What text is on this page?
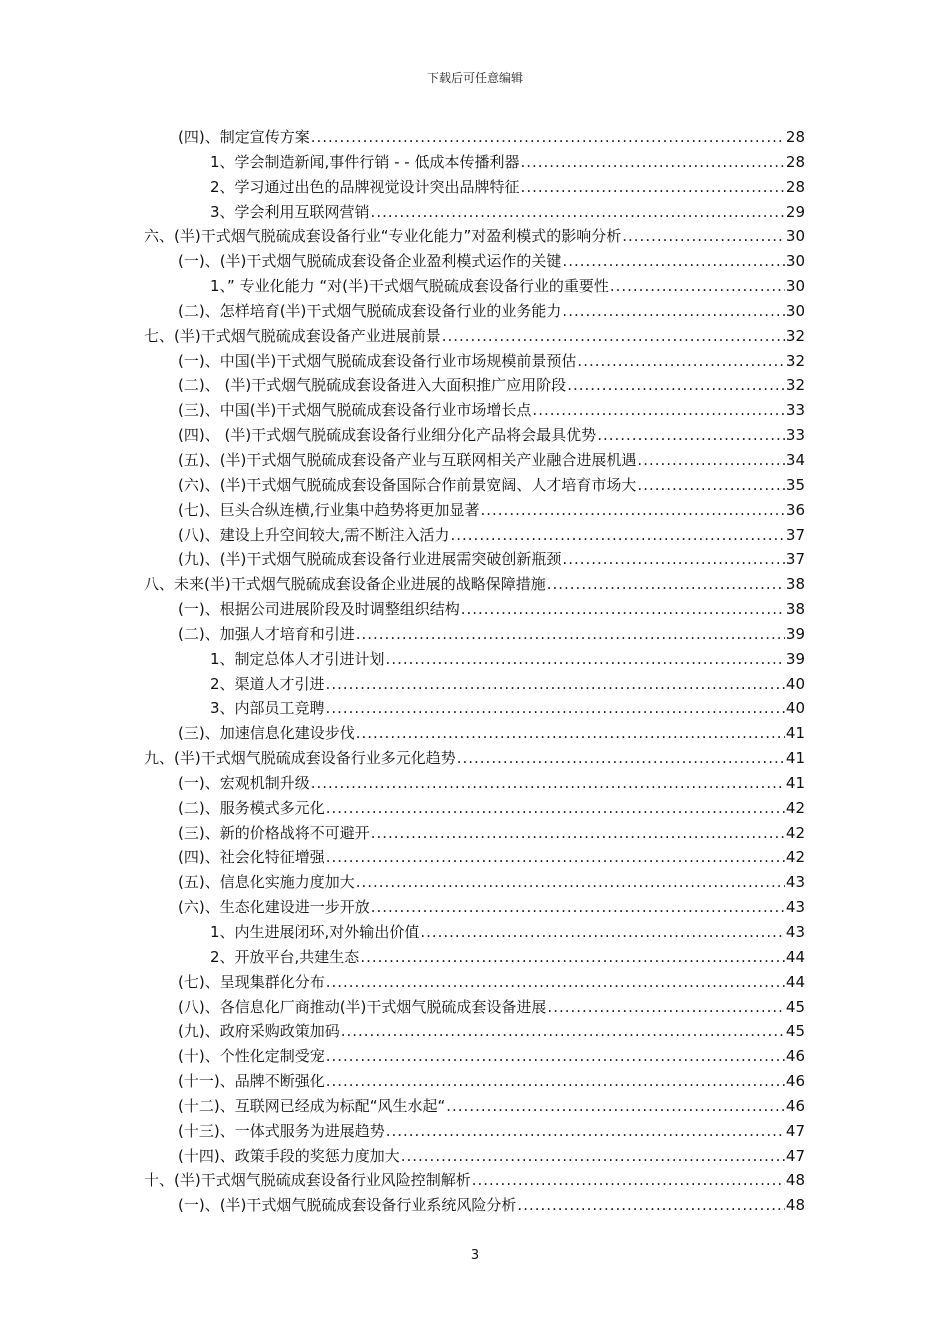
下载后可任意编辑
(四)、制定宣传方案 .....	28
1、学会制造新闻,事件行销 - - 低成本传播利器 .....	28
2、学习通过出色的品牌视觉设计突出品牌特征 .....	28
3、学会利用互联网营销 .....	29
六、(半)干式烟气脱硫成套设备行业“专业化能力”对盈利模式的影响分析 .....	30
(一)、(半)干式烟气脱硫成套设备企业盈利模式运作的关键 .....	30
1、” 专业化能力 “对(半)干式烟气脱硫成套设备行业的重要性 .....	30
(二)、怎样培育(半)干式烟气脱硫成套设备行业的业务能力 .....	30
七、(半)干式烟气脱硫成套设备产业进展前景 .....	32
(一)、中国(半)干式烟气脱硫成套设备行业市场规模前景预估 .....	32
(二)、 (半)干式烟气脱硫成套设备进入大面积推广应用阶段 .....	32
(三)、中国(半)干式烟气脱硫成套设备行业市场增长点 .....	33
(四)、 (半)干式烟气脱硫成套设备行业细分化产品将会最具优势 .....	33
(五)、(半)干式烟气脱硫成套设备产业与互联网相关产业融合进展机遇 .....	34
(六)、(半)干式烟气脱硫成套设备国际合作前景宽阔、人才培育市场大 .....	35
(七)、巨头合纵连横,行业集中趋势将更加显著 .....	36
(八)、建设上升空间较大,需不断注入活力 .....	37
(九)、(半)干式烟气脱硫成套设备行业进展需突破创新瓶颈 .....	37
八、未来(半)干式烟气脱硫成套设备企业进展的战略保障措施 .....	38
(一)、根据公司进展阶段及时调整组织结构 .....	38
(二)、加强人才培育和引进 .....	39
1、制定总体人才引进计划 .....	39
2、渠道人才引进 .....	40
3、内部员工竞聘 .....	40
(三)、加速信息化建设步伐 .....	41
九、(半)干式烟气脱硫成套设备行业多元化趋势 .....	41
(一)、宏观机制升级 .....	41
(二)、服务模式多元化 .....	42
(三)、新的价格战将不可避开 .....	42
(四)、社会化特征增强 .....	42
(五)、信息化实施力度加大 .....	43
(六)、生态化建设进一步开放 .....	43
1、内生进展闭环,对外输出价值 .....	43
2、开放平台,共建生态 .....	44
(七)、呈现集群化分布 .....	44
(八)、各信息化厂商推动(半)干式烟气脱硫成套设备进展 .....	45
(九)、政府采购政策加码 .....	45
(十)、个性化定制受宠 .....	46
(十一)、品牌不断强化 .....	46
(十二)、互联网已经成为标配“风生水起“ .....	46
(十三)、一体式服务为进展趋势 .....	47
(十四)、政策手段的奖惩力度加大 .....	47
十、(半)干式烟气脱硫成套设备行业风险控制解析 .....	48
(一)、(半)干式烟气脱硫成套设备行业系统风险分析 .....	48
3
